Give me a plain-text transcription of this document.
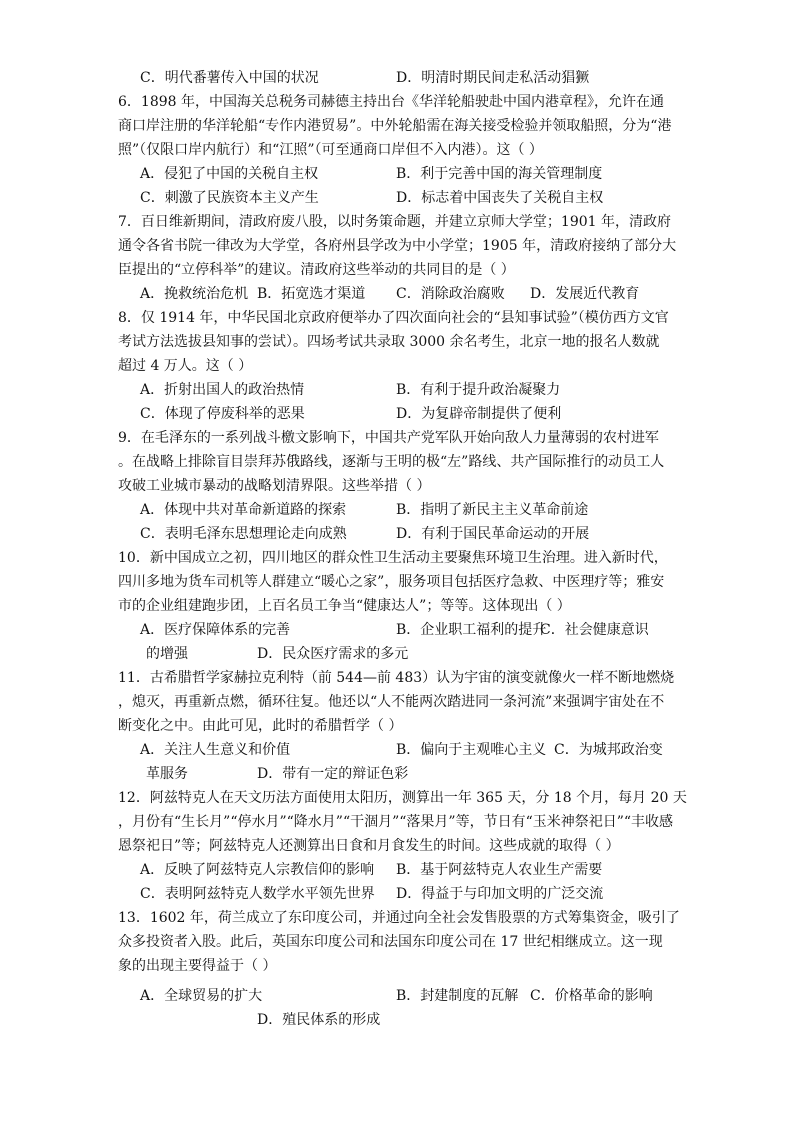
C．明代番薯传入中国的状况	D．明清时期民间走私活动猖獗
6．1898 年，中国海关总税务司赫德主持出台《华洋轮船驶赴中国内港章程》，允许在通
商口岸注册的华洋轮船“专作内港贸易”。中外轮船需在海关接受检验并领取船照，分为“港
照”（仅限口岸内航行）和“江照”（可至通商口岸但不入内港）。这（ ）
A．侵犯了中国的关税自主权	B．利于完善中国的海关管理制度
C．刺激了民族资本主义产生	D．标志着中国丧失了关税自主权
7．百日维新期间，清政府废八股，以时务策命题，并建立京师大学堂；1901 年，清政府
通令各省书院一律改为大学堂，各府州县学改为中小学堂；1905 年，清政府接纳了部分大
臣提出的“立停科举”的建议。清政府这些举动的共同目的是（ ）
A．挽救统治危机 B．拓宽选才渠道 C．消除政治腐败 D．发展近代教育
8．仅 1914 年，中华民国北京政府便举办了四次面向社会的“县知事试验”（模仿西方文官
考试方法选拔县知事的尝试）。四场考试共录取 3000 余名考生，北京一地的报名人数就
超过 4 万人。这（ ）
A．折射出国人的政治热情	B．有利于提升政治凝聚力
C．体现了停废科举的恶果	D．为复辟帝制提供了便利
9．在毛泽东的一系列战斗檄文影响下，中国共产党军队开始向敌人力量薄弱的农村进军
。在战略上排除盲目崇拜苏俄路线，逐渐与王明的极“左”路线、共产国际推行的动员工人
攻破工业城市暴动的战略划清界限。这些举措（ ）
A．体现中共对革命新道路的探索	B．指明了新民主主义革命前途
C．表明毛泽东思想理论走向成熟	D．有利于国民革命运动的开展
10．新中国成立之初，四川地区的群众性卫生活动主要聚焦环境卫生治理。进入新时代，
四川多地为货车司机等人群建立“暖心之家”，服务项目包括医疗急救、中医理疗等；雅安
市的企业组建跑步团，上百名员工争当“健康达人”；等等。这体现出（ ）
A．医疗保障体系的完善	B．企业职工福利的提升
C．社会健康意识
的增强	D．民众医疗需求的多元
11．古希腊哲学家赫拉克利特（前 544—前 483）认为宇宙的演变就像火一样不断地燃烧
，熄灭，再重新点燃，循环往复。他还以“人不能两次踏进同一条河流”来强调宇宙处在不
断变化之中。由此可见，此时的希腊哲学（ ）
A．关注人生意义和价值	B．偏向于主观唯心主义 C．为城邦政治变
革服务	D．带有一定的辩证色彩
12．阿兹特克人在天文历法方面使用太阳历，测算出一年 365 天，分 18 个月，每月 20 天
，月份有“生长月”“停水月”“降水月”“干涸月”“落果月”等，节日有“玉米神祭祀日”“丰收感
恩祭祀日”等；阿兹特克人还测算出日食和月食发生的时间。这些成就的取得（ ）
A．反映了阿兹特克人宗教信仰的影响 B．基于阿兹特克人农业生产需要
C．表明阿兹特克人数学水平领先世界 D．得益于与印加文明的广泛交流
13．1602 年，荷兰成立了东印度公司，并通过向全社会发售股票的方式筹集资金，吸引了
众多投资者入股。此后，英国东印度公司和法国东印度公司在 17 世纪相继成立。这一现
象的出现主要得益于（ ）
A．全球贸易的扩大	B．封建制度的瓦解 C．价格革命的影响
D．殖民体系的形成
